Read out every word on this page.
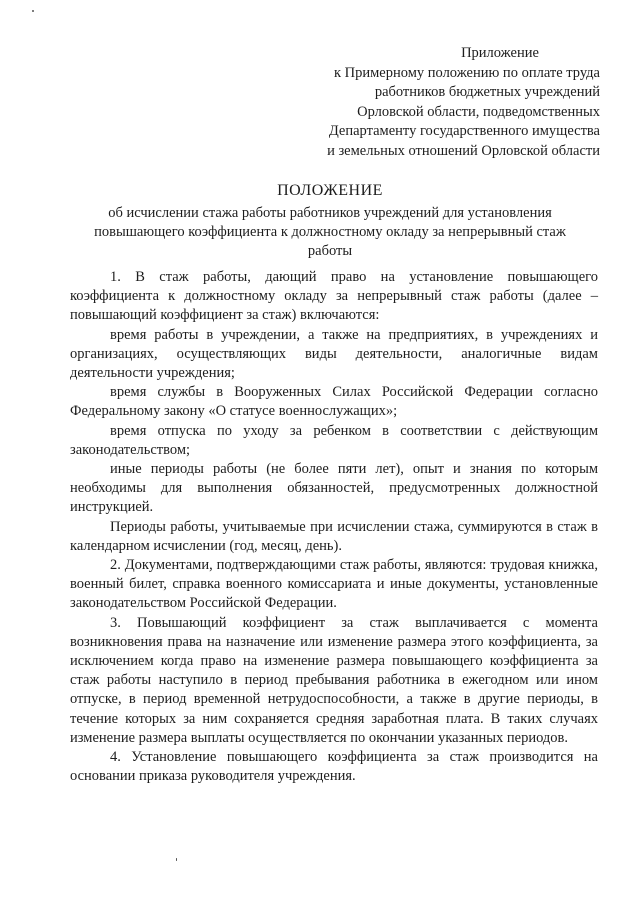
Приложение
к Примерному положению по оплате труда
работников бюджетных учреждений
Орловской области, подведомственных
Департаменту государственного имущества
и земельных отношений Орловской области
ПОЛОЖЕНИЕ

об исчислении стажа работы работников учреждений для установления
повышающего коэффициента к должностному окладу за непрерывный стаж
работы

1. В стаж работы, дающий право на установление повышающего коэффициента к должностному окладу за непрерывный стаж работы (далее – повышающий коэффициент за стаж) включаются:

время работы в учреждении, а также на предприятиях, в учреждениях и организациях, осуществляющих виды деятельности, аналогичные видам деятельности учреждения;

время службы в Вооруженных Силах Российской Федерации согласно Федеральному закону «О статусе военнослужащих»;

время отпуска по уходу за ребенком в соответствии с действующим законодательством;

иные периоды работы (не более пяти лет), опыт и знания по которым необходимы для выполнения обязанностей, предусмотренных должностной инструкцией.

Периоды работы, учитываемые при исчислении стажа, суммируются в стаж в календарном исчислении (год, месяц, день).

2. Документами, подтверждающими стаж работы, являются: трудовая книжка, военный билет, справка военного комиссариата и иные документы, установленные законодательством Российской Федерации.

3. Повышающий коэффициент за стаж выплачивается с момента возникновения права на назначение или изменение размера этого коэффициента, за исключением когда право на изменение размера повышающего коэффициента за стаж работы наступило в период пребывания работника в ежегодном или ином отпуске, в период временной нетрудоспособности, а также в другие периоды, в течение которых за ним сохраняется средняя заработная плата. В таких случаях изменение размера выплаты осуществляется по окончании указанных периодов.

4. Установление повышающего коэффициента за стаж производится на основании приказа руководителя учреждения.
